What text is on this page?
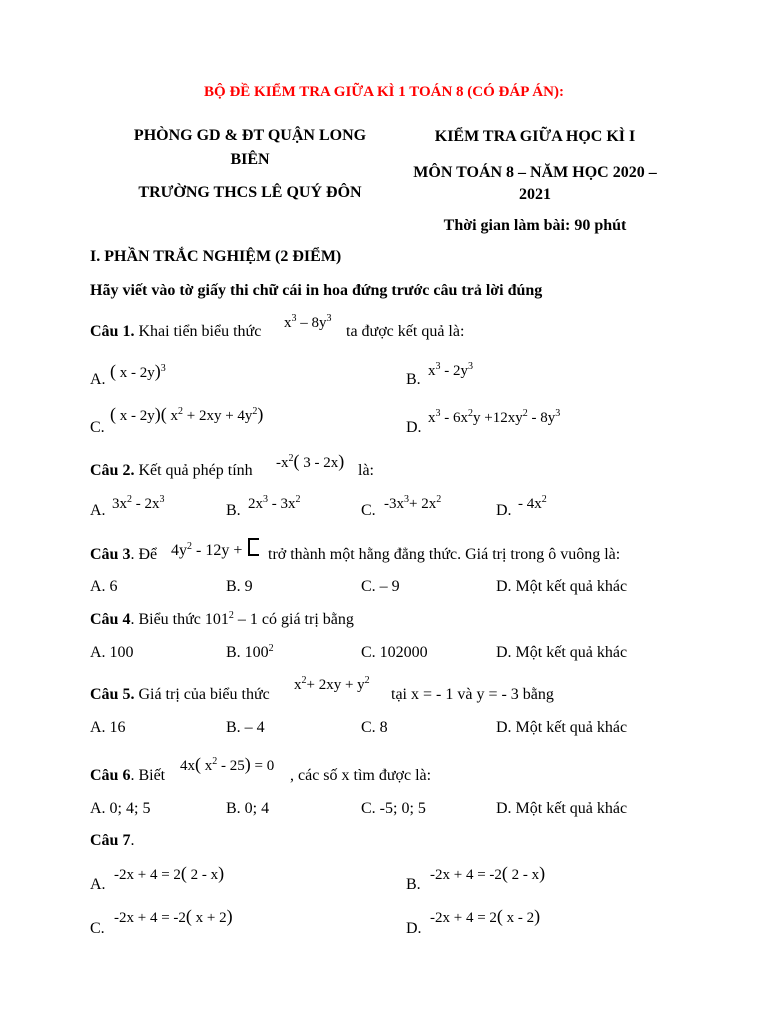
BỘ ĐỀ KIỂM TRA GIỮA KÌ 1 TOÁN 8 (CÓ ĐÁP ÁN):
PHÒNG GD & ĐT QUẬN LONG
BIÊN
TRƯỜNG THCS LÊ QUÝ ĐÔN
KIỂM TRA GIỮA HỌC KÌ I
MÔN TOÁN 8 – NĂM HỌC 2020 –
2021
Thời gian làm bài: 90 phút
I. PHẦN TRẮC NGHIỆM (2 ĐIỂM)
Hãy viết vào tờ giấy thi chữ cái in hoa đứng trước câu trả lời đúng
Câu 1. Khai tiển biểu thức $x^3 - 8y^3$
ta được kết quả là:
A. ( x - 2y)$^3$
B. $x^3 - 2y^3$
C.
( x - 2y)( $x^2 + 2xy + 4y^2$)
D.
$x^3 - 6x^2y +12xy^2 - 8y^3$
Câu 2. Kết quả phép tính $-x^2$( 3 - 2x) là:
A. $3x^2 - 2x^3$
B. $2x^3 - 3x^2$
C. $-3x^3+ 2x^2$
D. - $4x^2$
Câu 3. Để $4y^2 - 12y$ +	trở thành một hằng đẳng thức. Giá trị trong ô vuông là:
A. 6	B. 9	C. – 9	D. Một kết quả khác
Câu 4. Biểu thức $101^2 - 1$ có giá trị bằng
A. 100	B. $100^2$	C. 102000	D. Một kết quả khác
Câu 5. Giá trị của biểu thức
$x^2+ 2xy + y^2$
tại x = - 1 và y = - 3 bằng
A. 16	B. – 4	C. 8	D. Một kết quả khác
Câu 6. Biết
4x( $x^2 - 25) = 0$
, các số x tìm được là:
A. 0; 4; 5	B. 0; 4	C. -5; 0; 5	D. Một kết quả khác
Câu 7.
A.
-2x + 4 = 2( 2 - x)
B.
-2x + 4 = -2( 2 - x)
C.
-2x + 4 = -2( x + 2)
D.
-2x + 4 = 2( x - 2)
